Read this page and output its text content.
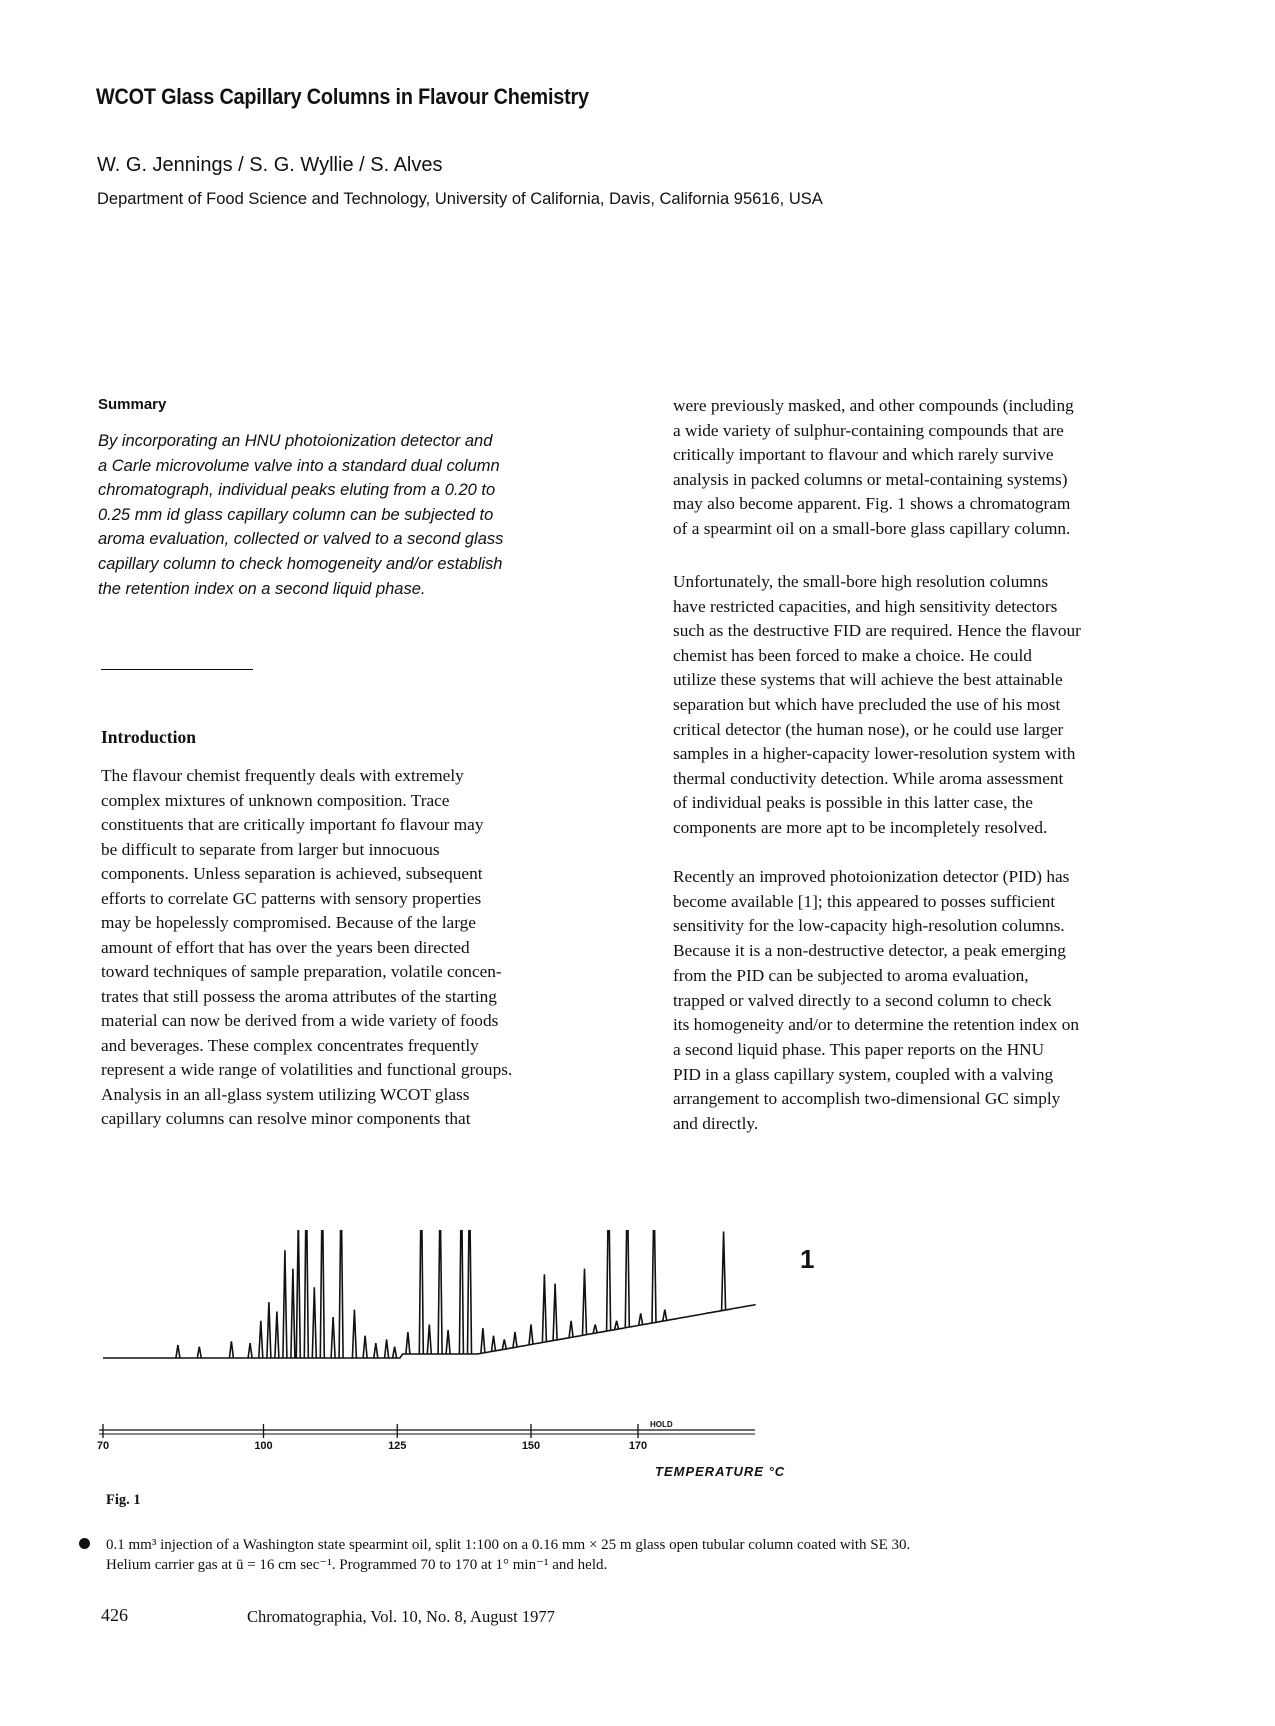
WCOT Glass Capillary Columns in Flavour Chemistry
W. G. Jennings / S. G. Wyllie / S. Alves
Department of Food Science and Technology, University of California, Davis, California 95616, USA
Summary
By incorporating an HNU photoionization detector and
a Carle microvolume valve into a standard dual column
chromatograph, individual peaks eluting from a 0.20 to
0.25 mm id glass capillary column can be subjected to
aroma evaluation, collected or valved to a second glass
capillary column to check homogeneity and/or establish
the retention index on a second liquid phase.
Introduction
The flavour chemist frequently deals with extremely
complex mixtures of unknown composition. Trace
constituents that are critically important fo flavour may
be difficult to separate from larger but innocuous
components. Unless separation is achieved, subsequent
efforts to correlate GC patterns with sensory properties
may be hopelessly compromised. Because of the large
amount of effort that has over the years been directed
toward techniques of sample preparation, volatile concen-
trates that still possess the aroma attributes of the starting
material can now be derived from a wide variety of foods
and beverages. These complex concentrates frequently
represent a wide range of volatilities and functional groups.
Analysis in an all-glass system utilizing WCOT glass
capillary columns can resolve minor components that
were previously masked, and other compounds (including
a wide variety of sulphur-containing compounds that are
critically important to flavour and which rarely survive
analysis in packed columns or metal-containing systems)
may also become apparent. Fig. 1 shows a chromatogram
of a spearmint oil on a small-bore glass capillary column.
Unfortunately, the small-bore high resolution columns
have restricted capacities, and high sensitivity detectors
such as the destructive FID are required. Hence the flavour
chemist has been forced to make a choice. He could
utilize these systems that will achieve the best attainable
separation but which have precluded the use of his most
critical detector (the human nose), or he could use larger
samples in a higher-capacity lower-resolution system with
thermal conductivity detection. While aroma assessment
of individual peaks is possible in this latter case, the
components are more apt to be incompletely resolved.
Recently an improved photoionization detector (PID) has
become available [1]; this appeared to posses sufficient
sensitivity for the low-capacity high-resolution columns.
Because it is a non-destructive detector, a peak emerging
from the PID can be subjected to aroma evaluation,
trapped or valved directly to a second column to check
its homogeneity and/or to determine the retention index on
a second liquid phase. This paper reports on the HNU
PID in a glass capillary system, coupled with a valving
arrangement to accomplish two-dimensional GC simply
and directly.
70	100	125	150	170
HOLD
1
TEMPERATURE °C
Fig. 1
0.1 mm³ injection of a Washington state spearmint oil, split 1:100 on a 0.16 mm × 25 m glass open tubular column coated with SE 30.
Helium carrier gas at ū = 16 cm sec⁻¹. Programmed 70 to 170 at 1° min⁻¹ and held.
426	Chromatographia, Vol. 10, No. 8, August 1977
